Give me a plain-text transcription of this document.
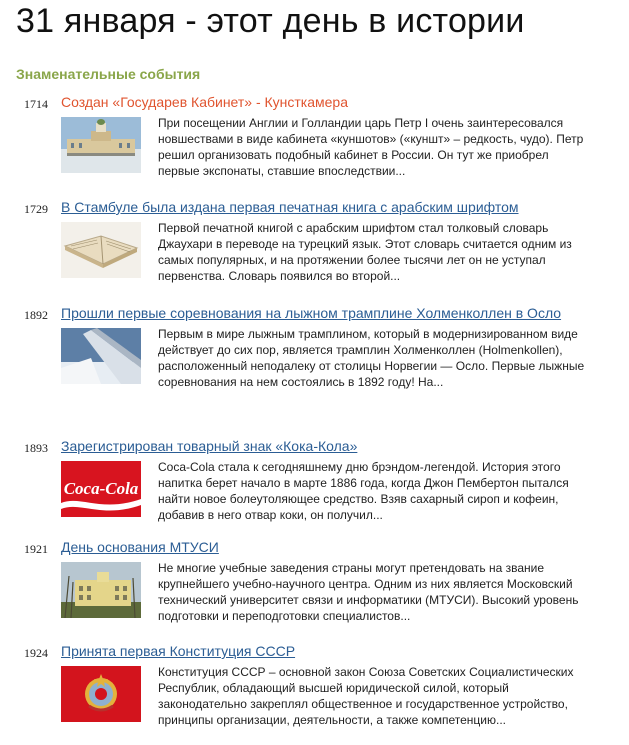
31 января - этот день в истории
Знаменательные события
1714 Создан «Государев Кабинет» - Кунсткамера
При посещении Англии и Голландии царь Петр I очень заинтересовался новшествами в виде кабинета «куншотов» («куншт» – редкость, чудо). Петр решил организовать подобный кабинет в России. Он тут же приобрел первые экспонаты, ставшие впоследствии...
1729 В Стамбуле была издана первая печатная книга с арабским шрифтом
Первой печатной книгой с арабским шрифтом стал толковый словарь Джаухари в переводе на турецкий язык. Этот словарь считается одним из самых популярных, и на протяжении более тысячи лет он не уступал первенства. Словарь появился во второй...
1892 Прошли первые соревнования на лыжном трамплине Холменколлен в Осло
Первым в мире лыжным трамплином, который в модернизированном виде действует до сих пор, является трамплин Холменколлен (Holmenkollen), расположенный неподалеку от столицы Норвегии — Осло. Первые лыжные соревнования на нем состоялись в 1892 году! На...
1893 Зарегистрирован товарный знак «Кока-Кола»
Coca-Cola
Coca-Cola стала к сегодняшнему дню брэндом-легендой. История этого напитка берет начало в марте 1886 года, когда Джон Пембертон пытался найти новое болеутоляющее средство. Взяв сахарный сироп и кофеин, добавив в него отвар коки, он получил...
1921 День основания МТУСИ
Не многие учебные заведения страны могут претендовать на звание крупнейшего учебно-научного центра. Одним из них является Московский технический университет связи и информатики (МТУСИ). Высокий уровень подготовки и переподготовки специалистов...
1924 Принята первая Конституция СССР
Конституция СССР – основной закон Союза Советских Социалистических Республик, обладающий высшей юридической силой, который законодательно закреплял общественное и государственное устройство, принципы организации, деятельности, а также компетенцию...
